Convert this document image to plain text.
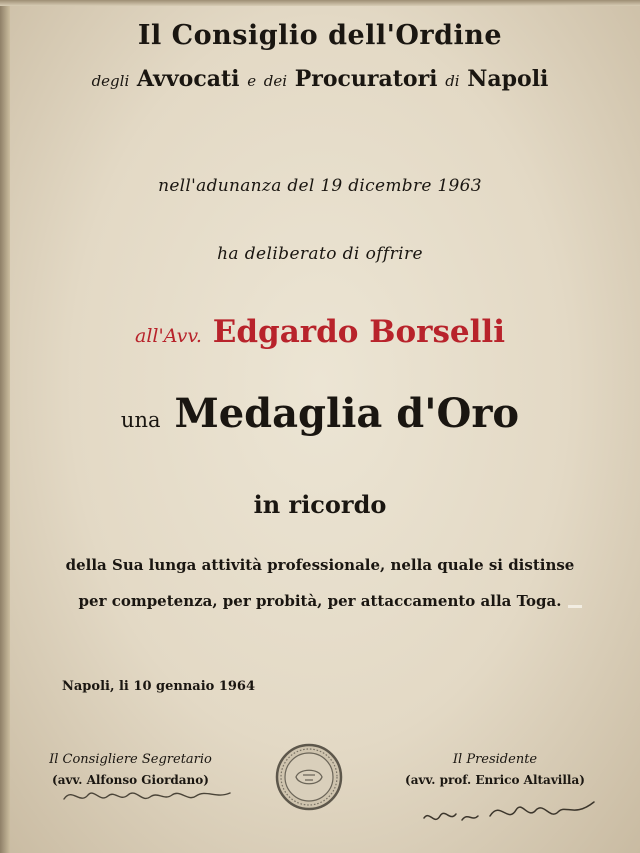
Il Consiglio dell'Ordine
degli Avvocati e dei Procuratori di Napoli
nell'adunanza del 19 dicembre 1963
ha deliberato di offrire
all'Avv. Edgardo Borselli
una Medaglia d'Oro
in ricordo
della Sua lunga attività professionale, nella quale si distinse
per competenza, per probità, per attaccamento alla Toga.
Napoli, li 10 gennaio 1964
Il Consigliere Segretario
(avv. Alfonso Giordano)
Il Presidente
(avv. prof. Enrico Altavilla)
